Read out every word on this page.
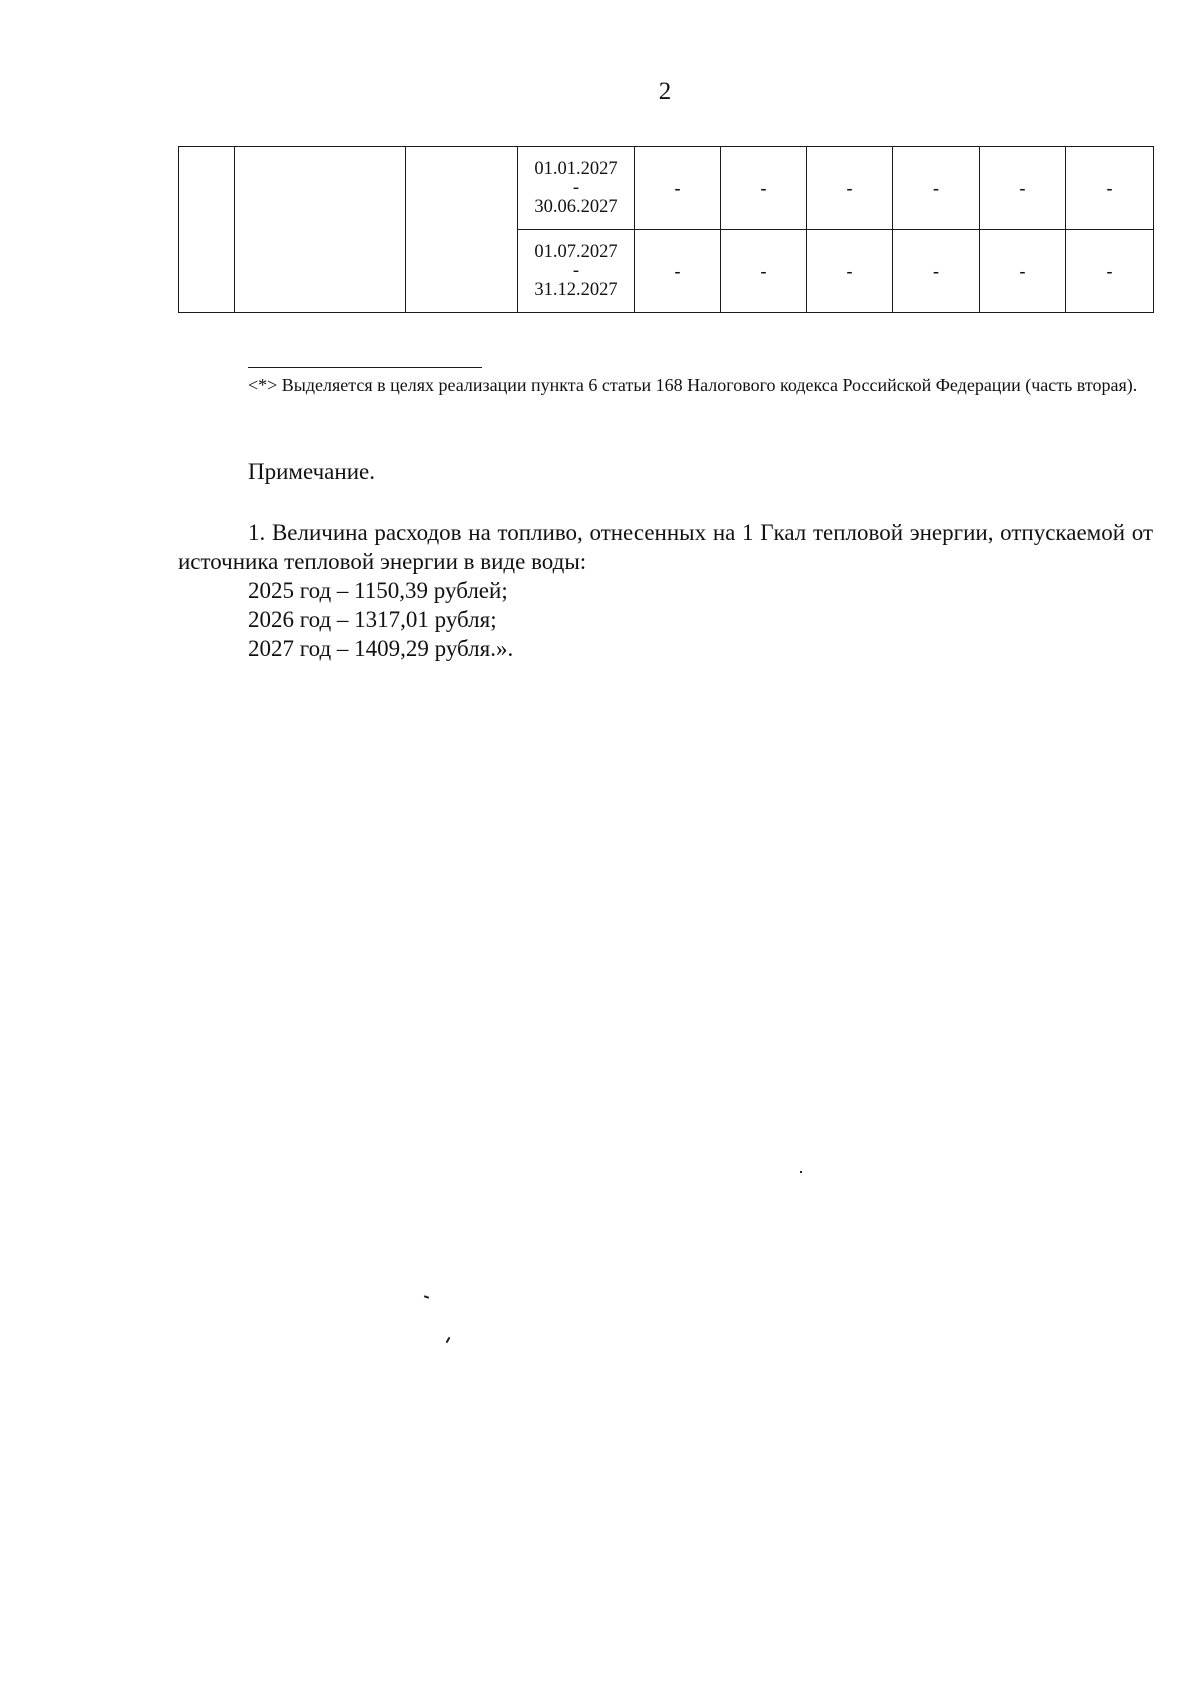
2
			01.01.2027
-
30.06.2027	-	-	-	-	-	-
			01.07.2027
-
31.12.2027	-	-	-	-	-	-
<*> Выделяется в целях реализации пункта 6 статьи 168 Налогового кодекса Российской Федерации (часть вторая).
Примечание.

1. Величина расходов на топливо, отнесенных на 1 Гкал тепловой энергии, отпускаемой от источника тепловой энергии в виде воды:

2025 год – 1150,39 рублей;
2026 год – 1317,01 рубля;
2027 год – 1409,29 рубля.».
